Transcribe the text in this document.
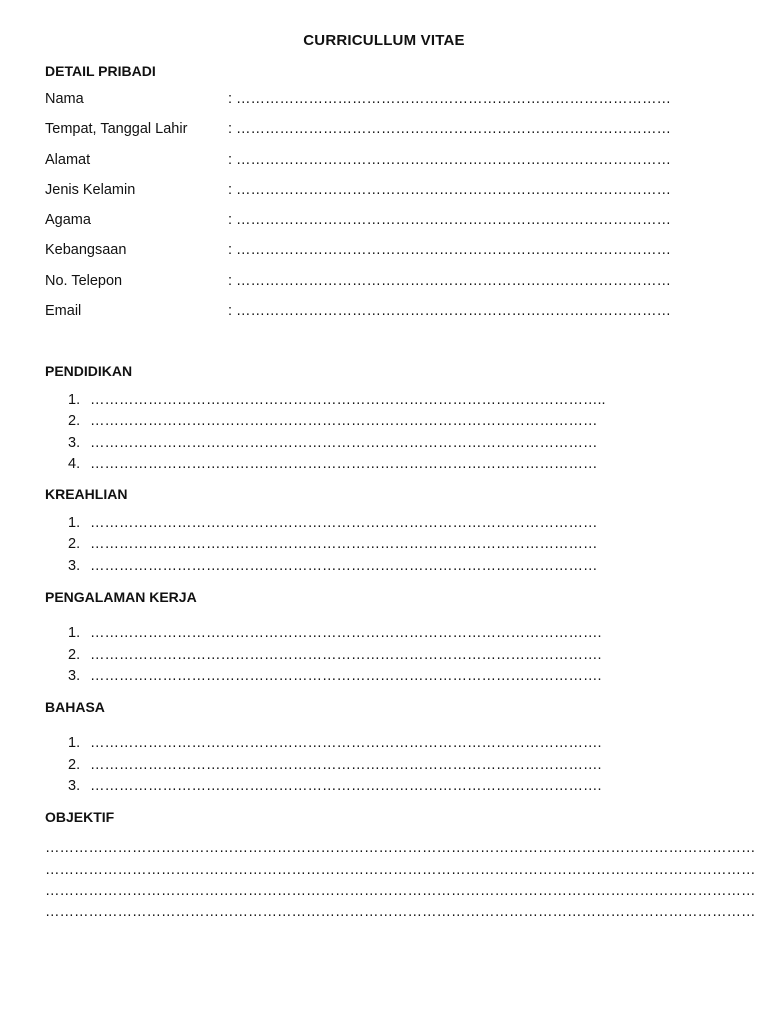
CURRICULLUM VITAE
DETAIL PRIBADI
Nama	: ………………………………………………………………………………
Tempat, Tanggal Lahir	: ………………………………………………………………………………
Alamat	: ………………………………………………………………………………
Jenis Kelamin	: ………………………………………………………………………………
Agama	: ………………………………………………………………………………
Kebangsaan	: ………………………………………………………………………………
No. Telepon	: ………………………………………………………………………………
Email	: ………………………………………………………………………………
PENDIDIKAN
1. ……………………………………………………………………………………………..
2. ……………………………………………………………………………………………
3. ……………………………………………………………………………………………
4. ……………………………………………………………………………………………
KREAHLIAN
1. ……………………………………………………………………………………………
2. ……………………………………………………………………………………………
3. ……………………………………………………………………………………………
PENGALAMAN KERJA
1. …………………………………………………………………………………………….
2. …………………………………………………………………………………………….
3. …………………………………………………………………………………………….
BAHASA
1. …………………………………………………………………………………………….
2. …………………………………………………………………………………………….
3. …………………………………………………………………………………………….
OBJEKTIF
…………………………………………………………………………………………………………………………………
…………………………………………………………………………………………………………………………………
…………………………………………………………………………………………………………………………………
…………………………………………………………………………………………………………………………………
